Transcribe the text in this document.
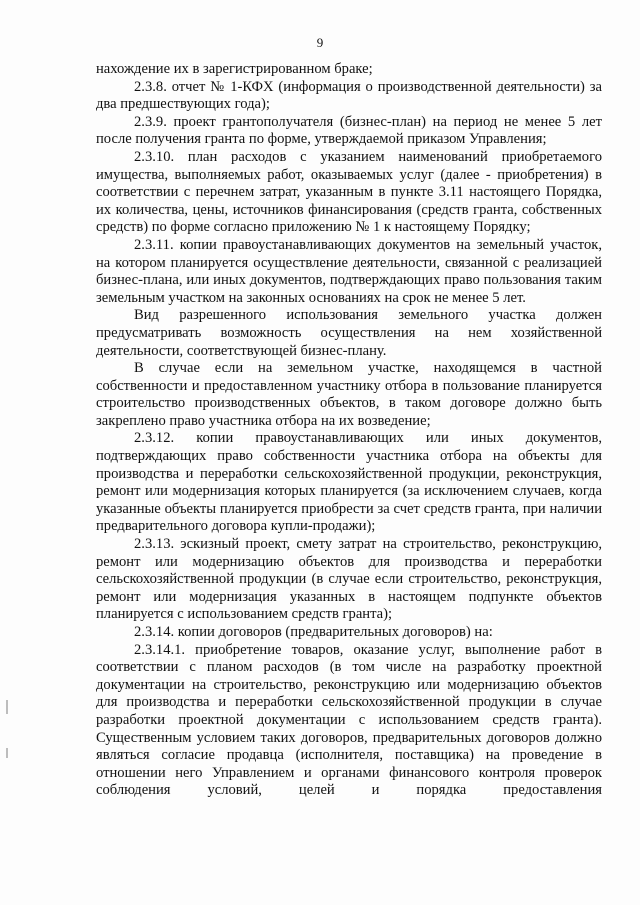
9

нахождение их в зарегистрированном браке;

2.3.8. отчет № 1-КФХ (информация о производственной деятельности) за два предшествующих года);

2.3.9. проект грантополучателя (бизнес-план) на период не менее 5 лет после получения гранта по форме, утверждаемой приказом Управления;

2.3.10. план расходов с указанием наименований приобретаемого имущества, выполняемых работ, оказываемых услуг (далее - приобретения) в соответствии с перечнем затрат, указанным в пункте 3.11 настоящего Порядка, их количества, цены, источников финансирования (средств гранта, собственных средств) по форме согласно приложению № 1 к настоящему Порядку;

2.3.11. копии правоустанавливающих документов на земельный участок, на котором планируется осуществление деятельности, связанной с реализацией бизнес-плана, или иных документов, подтверждающих право пользования таким земельным участком на законных основаниях на срок не менее 5 лет.

Вид разрешенного использования земельного участка должен предусматривать возможность осуществления на нем хозяйственной деятельности, соответствующей бизнес-плану.

В случае если на земельном участке, находящемся в частной собственности и предоставленном участнику отбора в пользование планируется строительство производственных объектов, в таком договоре должно быть закреплено право участника отбора на их возведение;

2.3.12. копии правоустанавливающих или иных документов, подтверждающих право собственности участника отбора на объекты для производства и переработки сельскохозяйственной продукции, реконструкция, ремонт или модернизация которых планируется (за исключением случаев, когда указанные объекты планируется приобрести за счет средств гранта, при наличии предварительного договора купли-продажи);

2.3.13. эскизный проект, смету затрат на строительство, реконструкцию, ремонт или модернизацию объектов для производства и переработки сельскохозяйственной продукции (в случае если строительство, реконструкция, ремонт или модернизация указанных в настоящем подпункте объектов планируется с использованием средств гранта);

2.3.14. копии договоров (предварительных договоров) на:

2.3.14.1. приобретение товаров, оказание услуг, выполнение работ в соответствии с планом расходов (в том числе на разработку проектной документации на строительство, реконструкцию или модернизацию объектов для производства и переработки сельскохозяйственной продукции в случае разработки проектной документации с использованием средств гранта). Существенным условием таких договоров, предварительных договоров должно являться согласие продавца (исполнителя, поставщика) на проведение в отношении него Управлением и органами финансового контроля проверок соблюдения условий, целей и порядка предоставления
